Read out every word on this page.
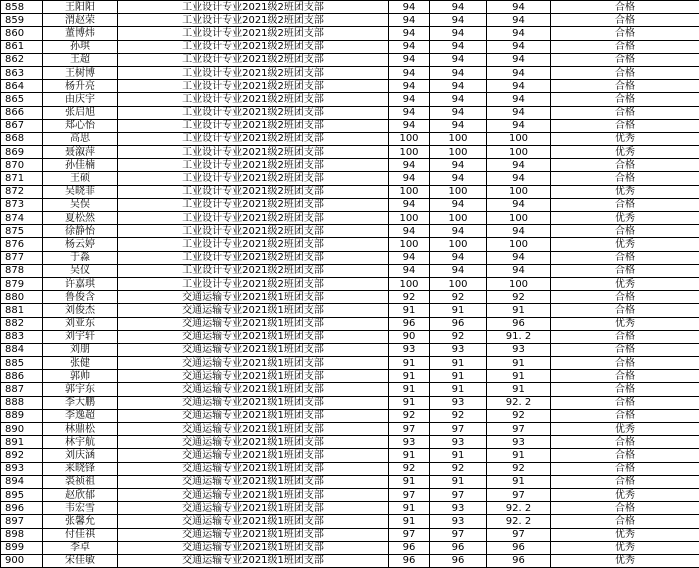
858	王阳阳	工业设计专业2021级2班团支部	94	94	94	合格
859	渭赵荣	工业设计专业2021级2班团支部	94	94	94	合格
860	董博炜	工业设计专业2021级2班团支部	94	94	94	合格
861	孙琪	工业设计专业2021级2班团支部	94	94	94	合格
862	王超	工业设计专业2021级2班团支部	94	94	94	合格
863	王树博	工业设计专业2021级2班团支部	94	94	94	合格
864	杨升亮	工业设计专业2021级2班团支部	94	94	94	合格
865	由庆宇	工业设计专业2021级2班团支部	94	94	94	合格
866	张启旭	工业设计专业2021级2班团支部	94	94	94	合格
867	郑心怡	工业设计专业2021级2班团支部	94	94	94	合格
868	高思	工业设计专业2021级2班团支部	100	100	100	优秀
869	聂溆萍	工业设计专业2021级2班团支部	100	100	100	优秀
870	孙佳楠	工业设计专业2021级2班团支部	94	94	94	合格
871	王硕	工业设计专业2021级2班团支部	94	94	94	合格
872	吴晓菲	工业设计专业2021级2班团支部	100	100	100	优秀
873	吴俣	工业设计专业2021级2班团支部	94	94	94	合格
874	夏松然	工业设计专业2021级2班团支部	100	100	100	优秀
875	徐静怡	工业设计专业2021级2班团支部	94	94	94	合格
876	杨云婷	工业设计专业2021级2班团支部	100	100	100	优秀
877	于淼	工业设计专业2021级2班团支部	94	94	94	合格
878	吴仪	工业设计专业2021级2班团支部	94	94	94	合格
879	许嘉琪	工业设计专业2021级2班团支部	100	100	100	优秀
880	鲁俊含	交通运输专业2021级1班团支部	92	92	92	合格
881	刘俊杰	交通运输专业2021级1班团支部	91	91	91	合格
882	刘亚东	交通运输专业2021级1班团支部	96	96	96	优秀
883	刘宇轩	交通运输专业2021级1班团支部	90	92	91. 2	合格
884	刘朋	交通运输专业2021级1班团支部	93	93	93	合格
885	张健	交通运输专业2021级1班团支部	91	91	91	合格
886	郭帅	交通运输专业2021级1班团支部	91	91	91	合格
887	郭宇东	交通运输专业2021级1班团支部	91	91	91	合格
888	李大鹏	交通运输专业2021级1班团支部	91	93	92. 2	合格
889	李逸超	交通运输专业2021级1班团支部	92	92	92	合格
890	林鼎松	交通运输专业2021级1班团支部	97	97	97	优秀
891	林宇航	交通运输专业2021级1班团支部	93	93	93	合格
892	刘庆涵	交通运输专业2021级1班团支部	91	91	91	合格
893	来晓锋	交通运输专业2021级1班团支部	92	92	92	合格
894	裘祯祖	交通运输专业2021级1班团支部	91	91	91	合格
895	赵欣郁	交通运输专业2021级1班团支部	97	97	97	优秀
896	韦宏雪	交通运输专业2021级1班团支部	91	93	92. 2	合格
897	张馨允	交通运输专业2021级1班团支部	91	93	92. 2	合格
898	付佳祺	交通运输专业2021级1班团支部	97	97	97	优秀
899	李卓	交通运输专业2021级1班团支部	96	96	96	优秀
900	宋佳敏	交通运输专业2021级1班团支部	96	96	96	优秀
